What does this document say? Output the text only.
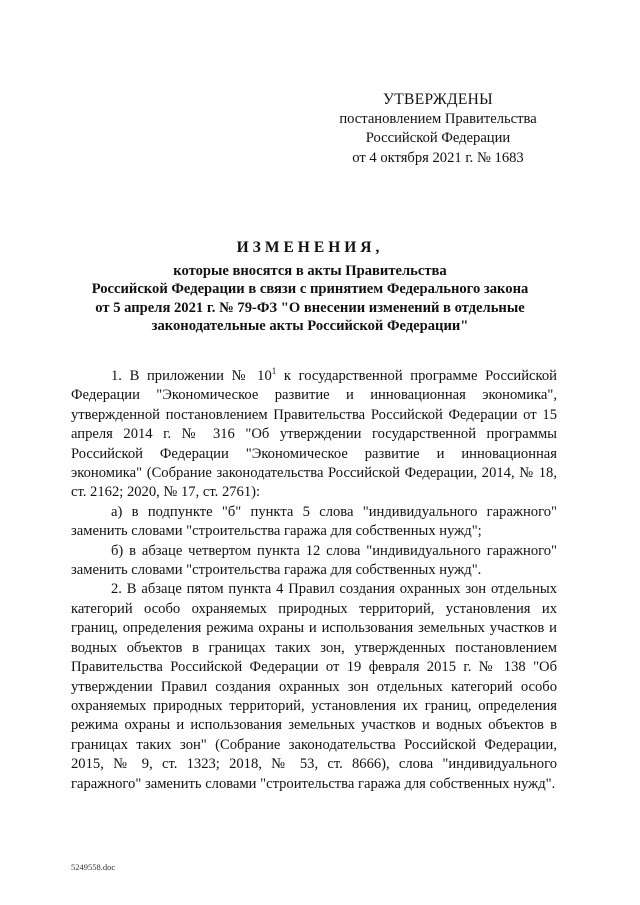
УТВЕРЖДЕНЫ
постановлением Правительства
Российской Федерации
от 4 октября 2021 г. № 1683
ИЗМЕНЕНИЯ,
которые вносятся в акты Правительства
Российской Федерации в связи с принятием Федерального закона
от 5 апреля 2021 г. № 79-ФЗ "О внесении изменений в отдельные
законодательные акты Российской Федерации"

1. В приложении № $10^1$ к государственной программе Российской Федерации "Экономическое развитие и инновационная экономика", утвержденной постановлением Правительства Российской Федерации от 15 апреля 2014 г. № 316 "Об утверждении государственной программы Российской Федерации "Экономическое развитие и инновационная экономика" (Собрание законодательства Российской Федерации, 2014, № 18, ст. 2162; 2020, № 17, ст. 2761):

а) в подпункте "б" пункта 5 слова "индивидуального гаражного" заменить словами "строительства гаража для собственных нужд";

б) в абзаце четвертом пункта 12 слова "индивидуального гаражного" заменить словами "строительства гаража для собственных нужд".

2. В абзаце пятом пункта 4 Правил создания охранных зон отдельных категорий особо охраняемых природных территорий, установления их границ, определения режима охраны и использования земельных участков и водных объектов в границах таких зон, утвержденных постановлением Правительства Российской Федерации от 19 февраля 2015 г. № 138 "Об утверждении Правил создания охранных зон отдельных категорий особо охраняемых природных территорий, установления их границ, определения режима охраны и использования земельных участков и водных объектов в границах таких зон" (Собрание законодательства Российской Федерации, 2015, № 9, ст. 1323; 2018, № 53, ст. 8666), слова "индивидуального гаражного" заменить словами "строительства гаража для собственных нужд".

5249558.doc
